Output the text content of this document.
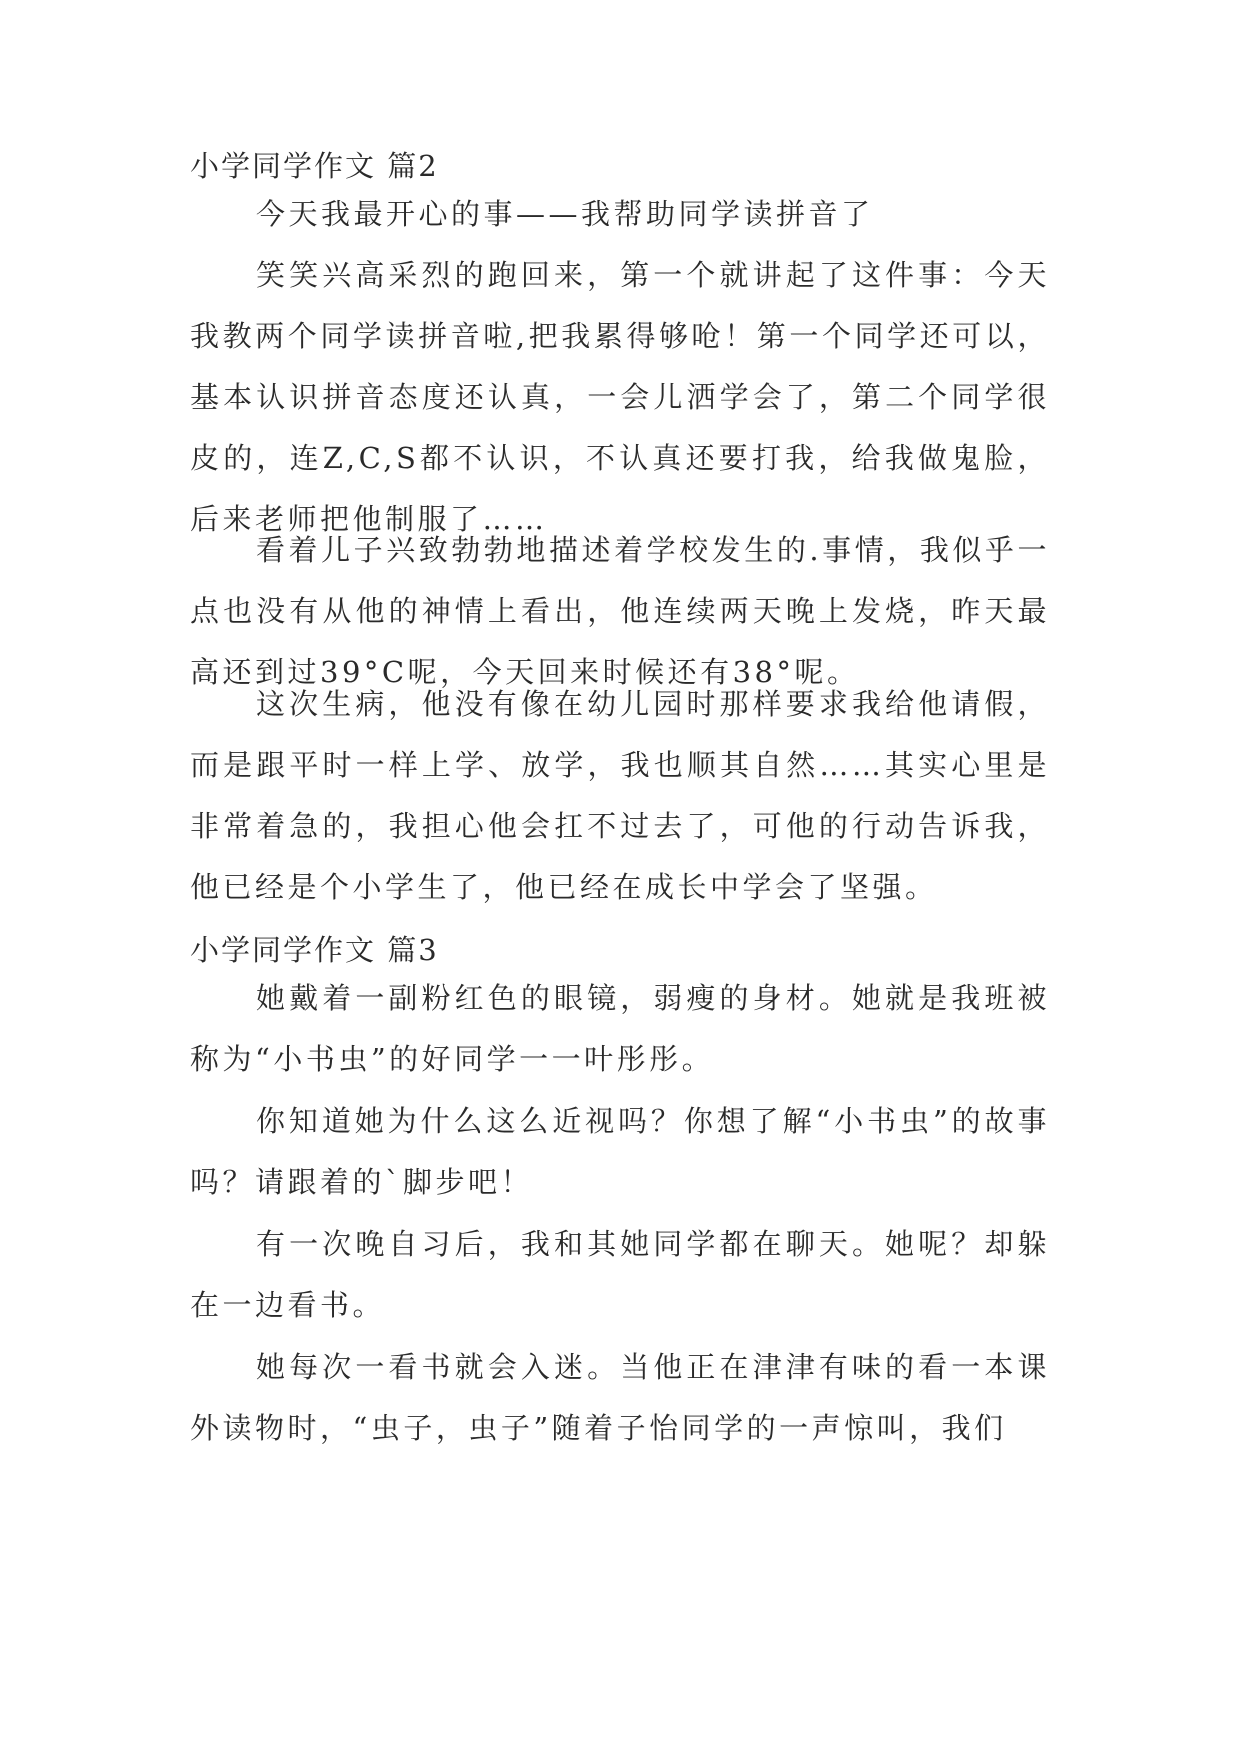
小学同学作文 篇2

今天我最开心的事——我帮助同学读拼音了

笑笑兴高采烈的跑回来，第一个就讲起了这件事：今天我教两个同学读拼音啦,把我累得够呛！第一个同学还可以，基本认识拼音态度还认真，一会儿洒学会了，第二个同学很皮的，连Z,C,S都不认识，不认真还要打我，给我做鬼脸，后来老师把他制服了……

看着儿子兴致勃勃地描述着学校发生的.事情，我似乎一点也没有从他的神情上看出，他连续两天晚上发烧，昨天最高还到过39°C呢，今天回来时候还有38°呢。

这次生病，他没有像在幼儿园时那样要求我给他请假，而是跟平时一样上学、放学，我也顺其自然……其实心里是非常着急的，我担心他会扛不过去了，可他的行动告诉我，他已经是个小学生了，他已经在成长中学会了坚强。

小学同学作文 篇3

她戴着一副粉红色的眼镜，弱瘦的身材。她就是我班被称为“小书虫”的好同学一一叶彤彤。

你知道她为什么这么近视吗？你想了解“小书虫”的故事吗？请跟着的`脚步吧！

有一次晚自习后，我和其她同学都在聊天。她呢？却躲在一边看书。

她每次一看书就会入迷。当他正在津津有味的看一本课外读物时，“虫子，虫子”随着子怡同学的一声惊叫，我们
